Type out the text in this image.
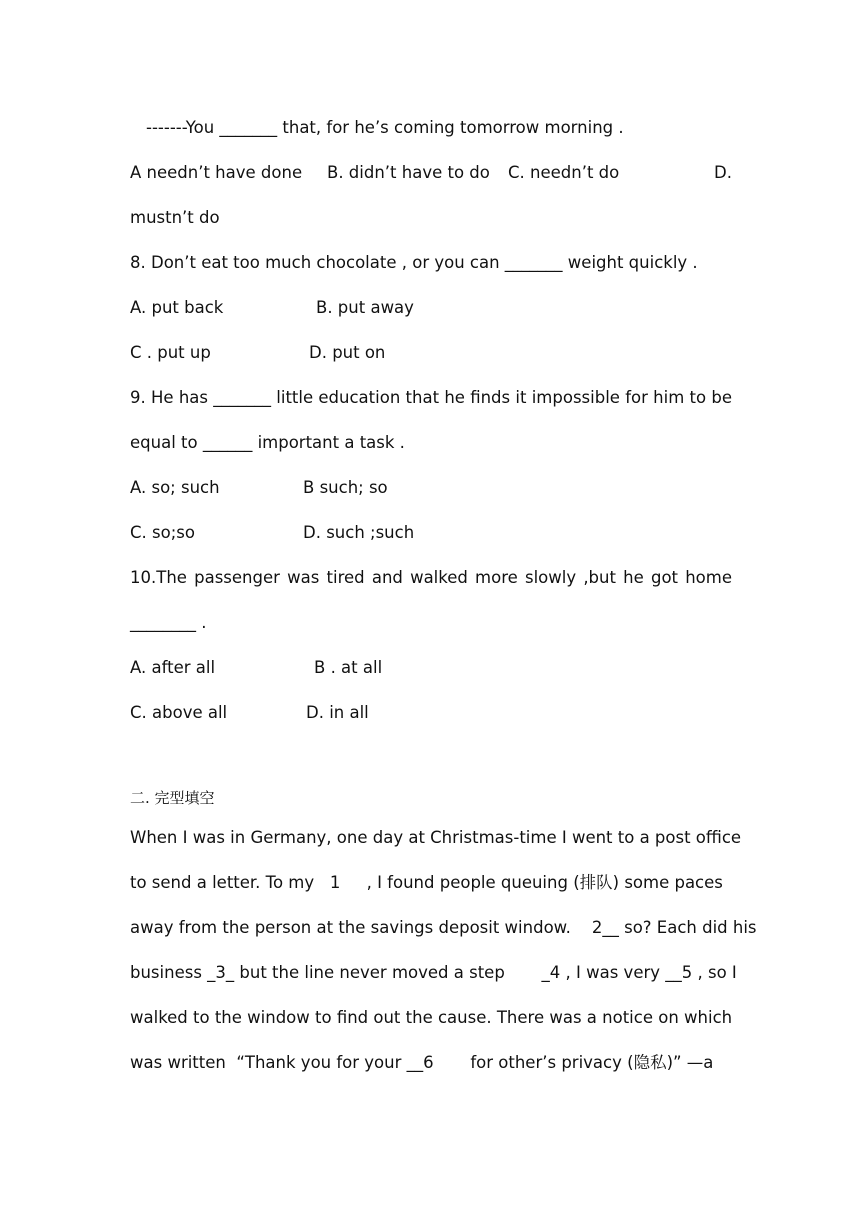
-------You _______ that, for he’s coming tomorrow morning .
A needn’t have done B. didn’t have to do C. needn’t do	D.
mustn’t do
8. Don’t eat too much chocolate , or you can _______ weight quickly .
A. put back	B. put away
C . put up	D. put on
9. He has _______ little education that he finds it impossible for him to be
equal to ______ important a task .
A. so; such	B such; so
C. so;so	D. such ;such
10.The passenger was tired and walked more slowly ,but he got home
________ .
A. after all	B . at all
C. above all	D. in all
二. 完型填空
When I was in Germany, one day at Christmas-time I went to a post office
to send a letter. To my   1     , I found people queuing (排队) some paces
away from the person at the savings deposit window.    2__ so? Each did his
business _3_ but the line never moved a step       _4 , I was very __5 , so I
walked to the window to find out the cause. There was a notice on which
was written  “Thank you for your __6       for other’s privacy (隐私)” —a
